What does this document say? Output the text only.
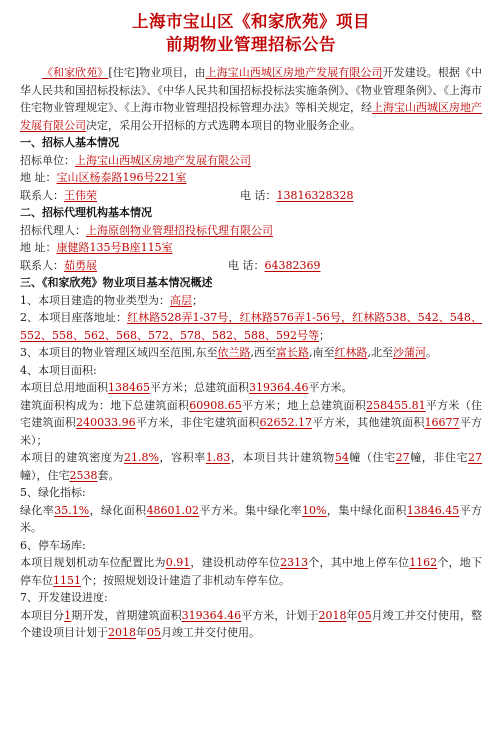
上海市宝山区《和家欣苑》项目
前期物业管理招标公告

《和家欣苑》[住宅]物业项目，由上海宝山西城区房地产发展有限公司开发建设。根据《中华人民共和国招标投标法》、《中华人民共和国招标投标法实施条例》、《物业管理条例》、《上海市住宅物业管理规定》、《上海市物业管理招投标管理办法》等相关规定，经上海宝山西城区房地产发展有限公司决定，采用公开招标的方式选聘本项目的物业服务企业。

一、招标人基本情况

招标单位：上海宝山西城区房地产发展有限公司

地 址：宝山区杨泰路196号221室

联系人：王伟荣	电 话：13816328328

二、招标代理机构基本情况

招标代理人：上海原创物业管理招投标代理有限公司

地 址：康健路135号B座115室

联系人：茹勇展	电 话：64382369

三、《和家欣苑》物业项目基本情况概述

1、本项目建造的物业类型为：高层；

2、本项目座落地址：红林路528弄1-37号，红林路576弄1-56号，红林路538、542、548、552、558、562、568、572、578、582、588、592号等；

3、本项目的物业管理区域四至范围,东至依兰路,西至富长路,南至红林路,北至沙蒲河。

4、本项目面积:

本项目总用地面积138465平方米；总建筑面积319364.46平方米。

建筑面积构成为：地下总建筑面积60908.65平方米；地上总建筑面积258455.81平方米（住宅建筑面积240033.96平方米，非住宅建筑面积62652.17平方米，其他建筑面积16677平方米）；

本项目的建筑密度为21.8%，容积率1.83，本项目共计建筑物54幢（住宅27幢，非住宅27幢），住宅2538套。

5、绿化指标:

绿化率35.1%，绿化面积48601.02平方米。集中绿化率10%，集中绿化面积13846.45平方米。

6、停车场库:

本项目规划机动车位配置比为0.91，建设机动停车位2313个，其中地上停车位1162个，地下停车位1151个；按照规划设计建造了非机动车停车位。

7、开发建设进度:

本项目分1期开发，首期建筑面积319364.46平方米，计划于2018年05月竣工并交付使用，整个建设项目计划于2018年05月竣工并交付使用。
